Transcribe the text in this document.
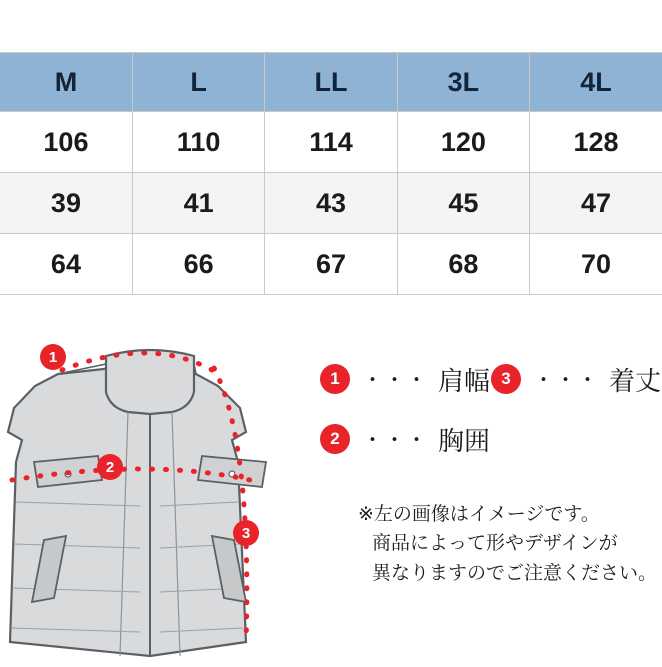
M	L	LL	3L	4L
106	110	114	120	128
39	41	43	45	47
64	66	67	68	70
1
2
3
1	・・・ 肩幅 3	・・・ 着丈
2	・・・ 胸囲
※左の画像はイメージです。
商品によって形やデザインが
異なりますのでご注意ください。
